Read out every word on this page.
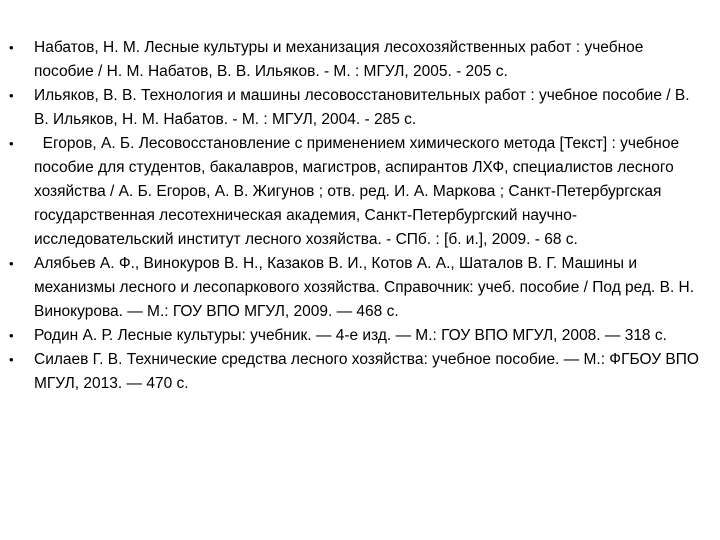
•	Набатов, Н. М. Лесные культуры и механизация лесохозяйственных работ : учебное пособие / Н. М. Набатов, В. В. Ильяков. - М. : МГУЛ, 2005. - 205 с.
•	Ильяков, В. В. Технология и машины лесовосстановительных работ : учебное пособие / В. В. Ильяков, Н. М. Набатов. - М. : МГУЛ, 2004. - 285 с.
•	Егоров, А. Б. Лесовосстановление с применением химического метода [Текст] : учебное пособие для студентов, бакалавров, магистров, аспирантов ЛХФ, специалистов лесного хозяйства / А. Б. Егоров, А. В. Жигунов ; отв. ред. И. А. Маркова ; Санкт-Петербургская государственная лесотехническая академия, Санкт-Петербургский научно-исследовательский институт лесного хозяйства. - СПб. : [б. и.], 2009. - 68 с.
•	Алябьев А. Ф., Винокуров В. Н., Казаков В. И., Котов А. А., Шаталов В. Г. Машины и механизмы лесного и лесопаркового хозяйства. Справочник: учеб. пособие / Под ред. В. Н. Винокурова. — М.: ГОУ ВПО МГУЛ, 2009. — 468 с.
•	Родин А. Р. Лесные культуры: учебник. — 4-е изд. — М.: ГОУ ВПО МГУЛ, 2008. — 318 с.
•	Силаев Г. В. Технические средства лесного хозяйства: учебное пособие. — М.: ФГБОУ ВПО МГУЛ, 2013. — 470 с.
